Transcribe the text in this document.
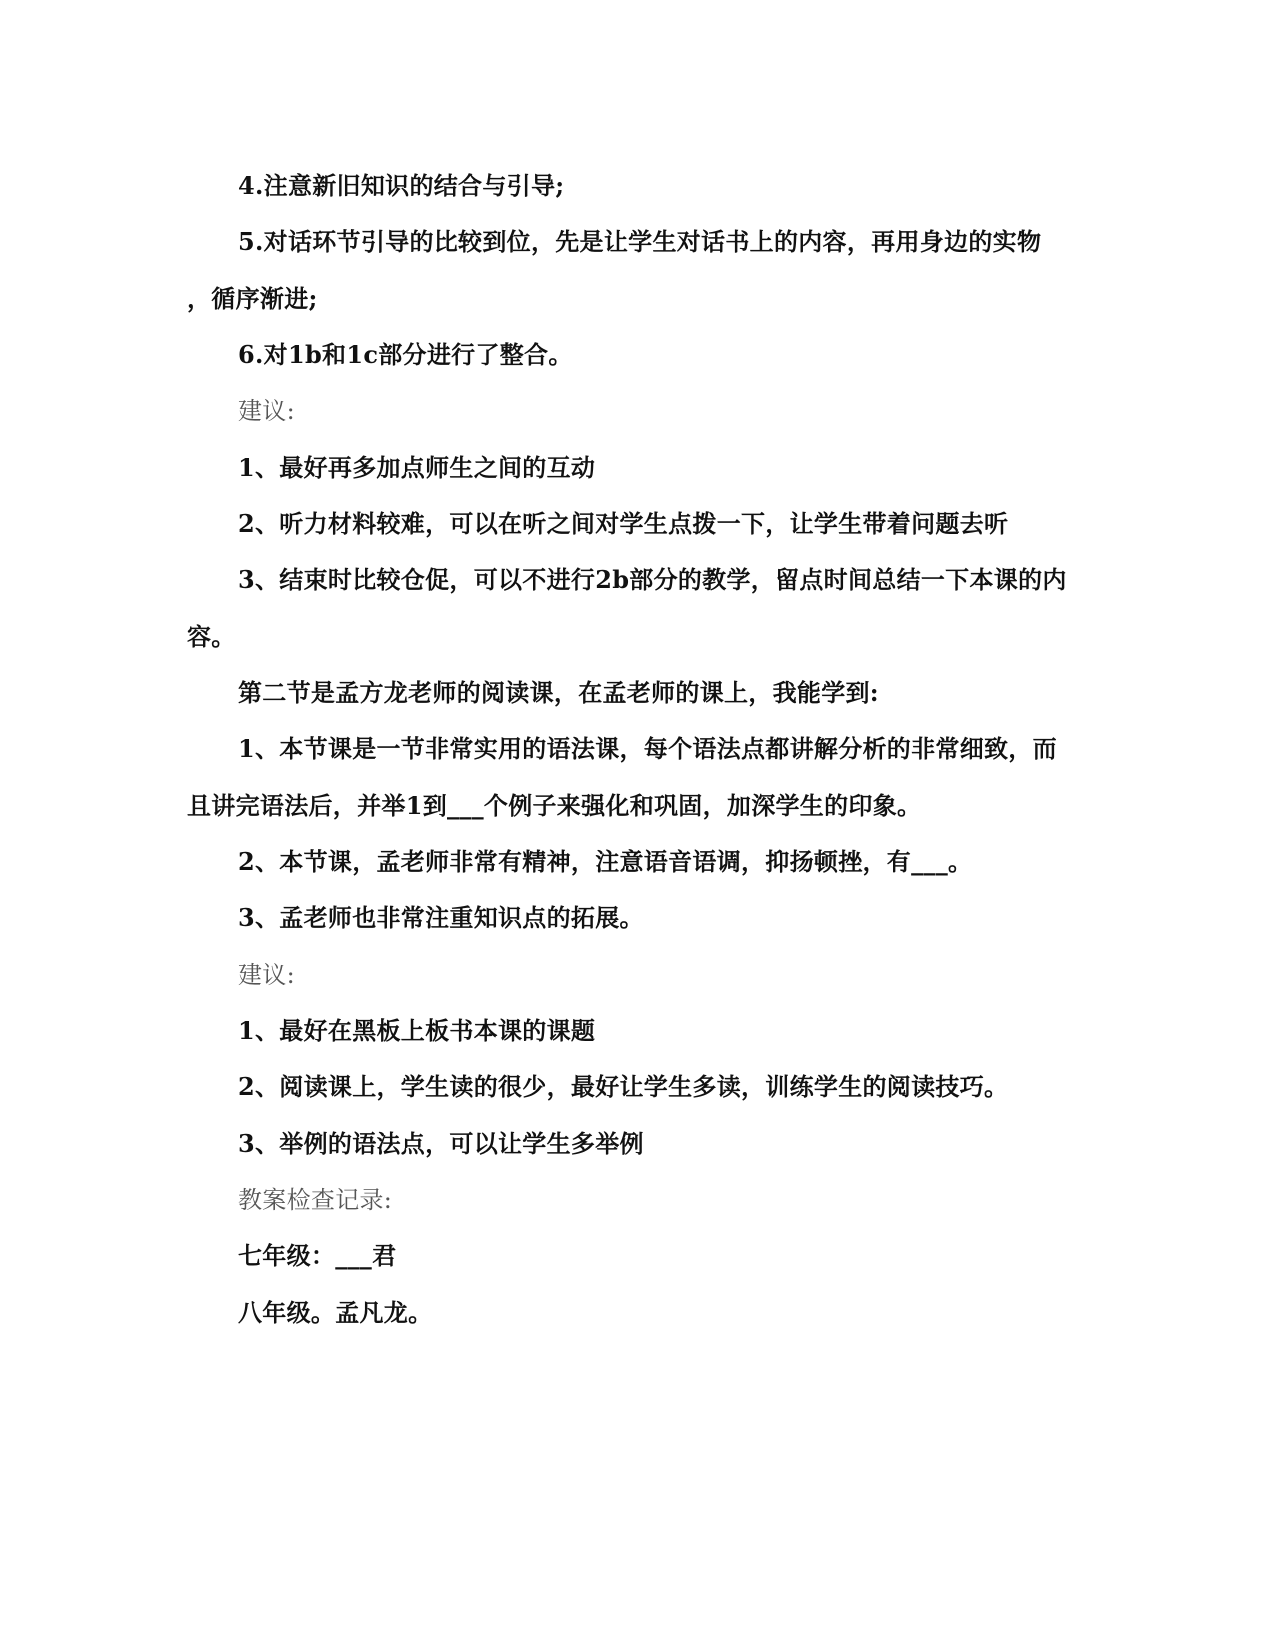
4.注意新旧知识的结合与引导;
5.对话环节引导的比较到位，先是让学生对话书上的内容，再用身边的实物
，循序渐进;
6.对1b和1c部分进行了整合。
建议:
1、最好再多加点师生之间的互动
2、听力材料较难，可以在听之间对学生点拨一下，让学生带着问题去听
3、结束时比较仓促，可以不进行2b部分的教学，留点时间总结一下本课的内
容。
第二节是孟方龙老师的阅读课，在孟老师的课上，我能学到:
1、本节课是一节非常实用的语法课，每个语法点都讲解分析的非常细致，而
且讲完语法后，并举1到___个例子来强化和巩固，加深学生的印象。
2、本节课，孟老师非常有精神，注意语音语调，抑扬顿挫，有___。
3、孟老师也非常注重知识点的拓展。
建议:
1、最好在黑板上板书本课的课题
2、阅读课上，学生读的很少，最好让学生多读，训练学生的阅读技巧。
3、举例的语法点，可以让学生多举例
教案检查记录:
七年级：___君
八年级。孟凡龙。
